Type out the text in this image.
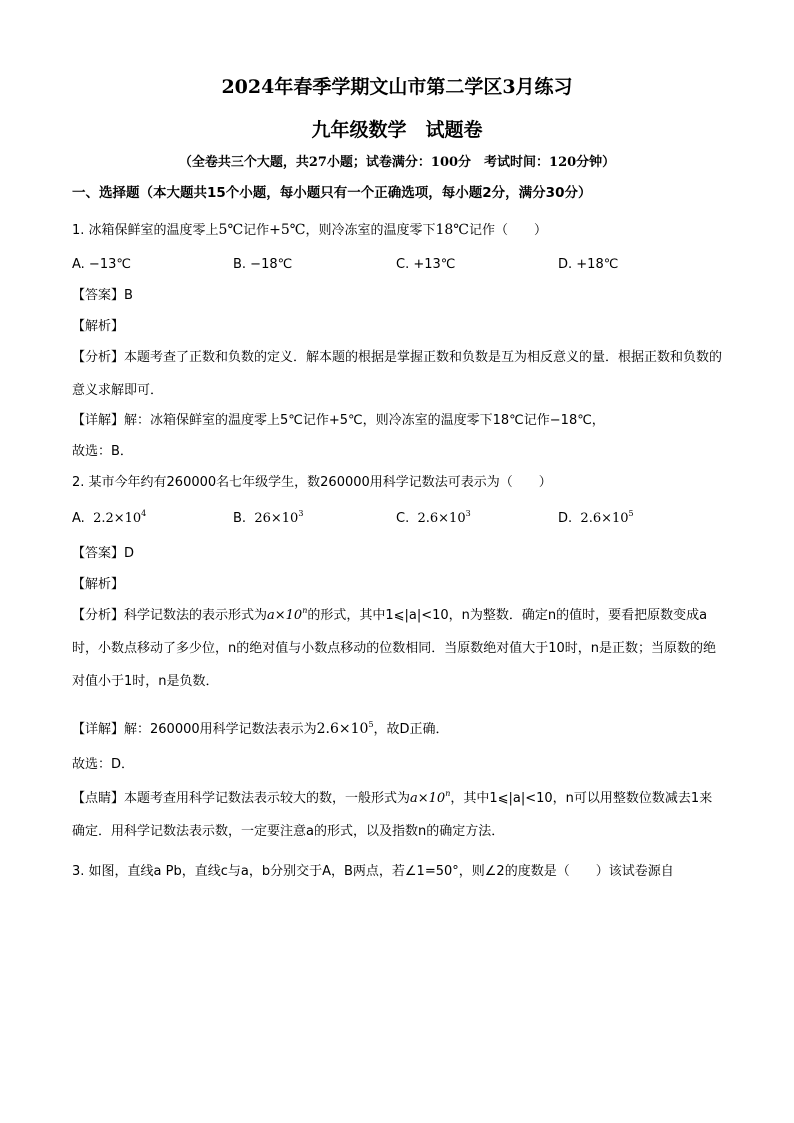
2024年春季学期文山市第二学区3月练习
九年级数学　试题卷
（全卷共三个大题，共27小题；试卷满分：100分　考试时间：120分钟）
一、选择题（本大题共15个小题，每小题只有一个正确选项，每小题2分，满分30分）
1. 冰箱保鲜室的温度零上5℃记作+5℃，则冷冻室的温度零下18℃记作（　　）
A. −13℃	B. −18℃	C. +13℃	D. +18℃
【答案】B
【解析】
【分析】本题考查了正数和负数的定义．解本题的根据是掌握正数和负数是互为相反意义的量．根据正数和负数的意义求解即可．
【详解】解：冰箱保鲜室的温度零上5℃记作+5℃，则冷冻室的温度零下18℃记作−18℃，
故选：B．
2. 某市今年约有260000名七年级学生，数260000用科学记数法可表示为（　　）
A. $2.2\times 10^4$	B. $26\times 10^3$	C. $2.6\times 10^3$	D. $2.6\times 10^5$
【答案】D
【解析】
【分析】科学记数法的表示形式为$a\times 10^n$的形式，其中1⩽|a|<10，n为整数．确定n的值时，要看把原数变成a时，小数点移动了多少位，n的绝对值与小数点移动的位数相同．当原数绝对值大于10时，n是正数；当原数的绝对值小于1时，n是负数．
【详解】解：260000用科学记数法表示为$2.6\times 10^5$，故D正确．
故选：D．
【点睛】本题考查用科学记数法表示较大的数，一般形式为$a\times 10^n$，其中1⩽|a|<10，n可以用整数位数减去1来确定．用科学记数法表示数，一定要注意a的形式，以及指数n的确定方法．
3. 如图，直线a Pb，直线c与a，b分别交于A，B两点，若∠1=50°，则∠2的度数是（　　）该试卷源自
